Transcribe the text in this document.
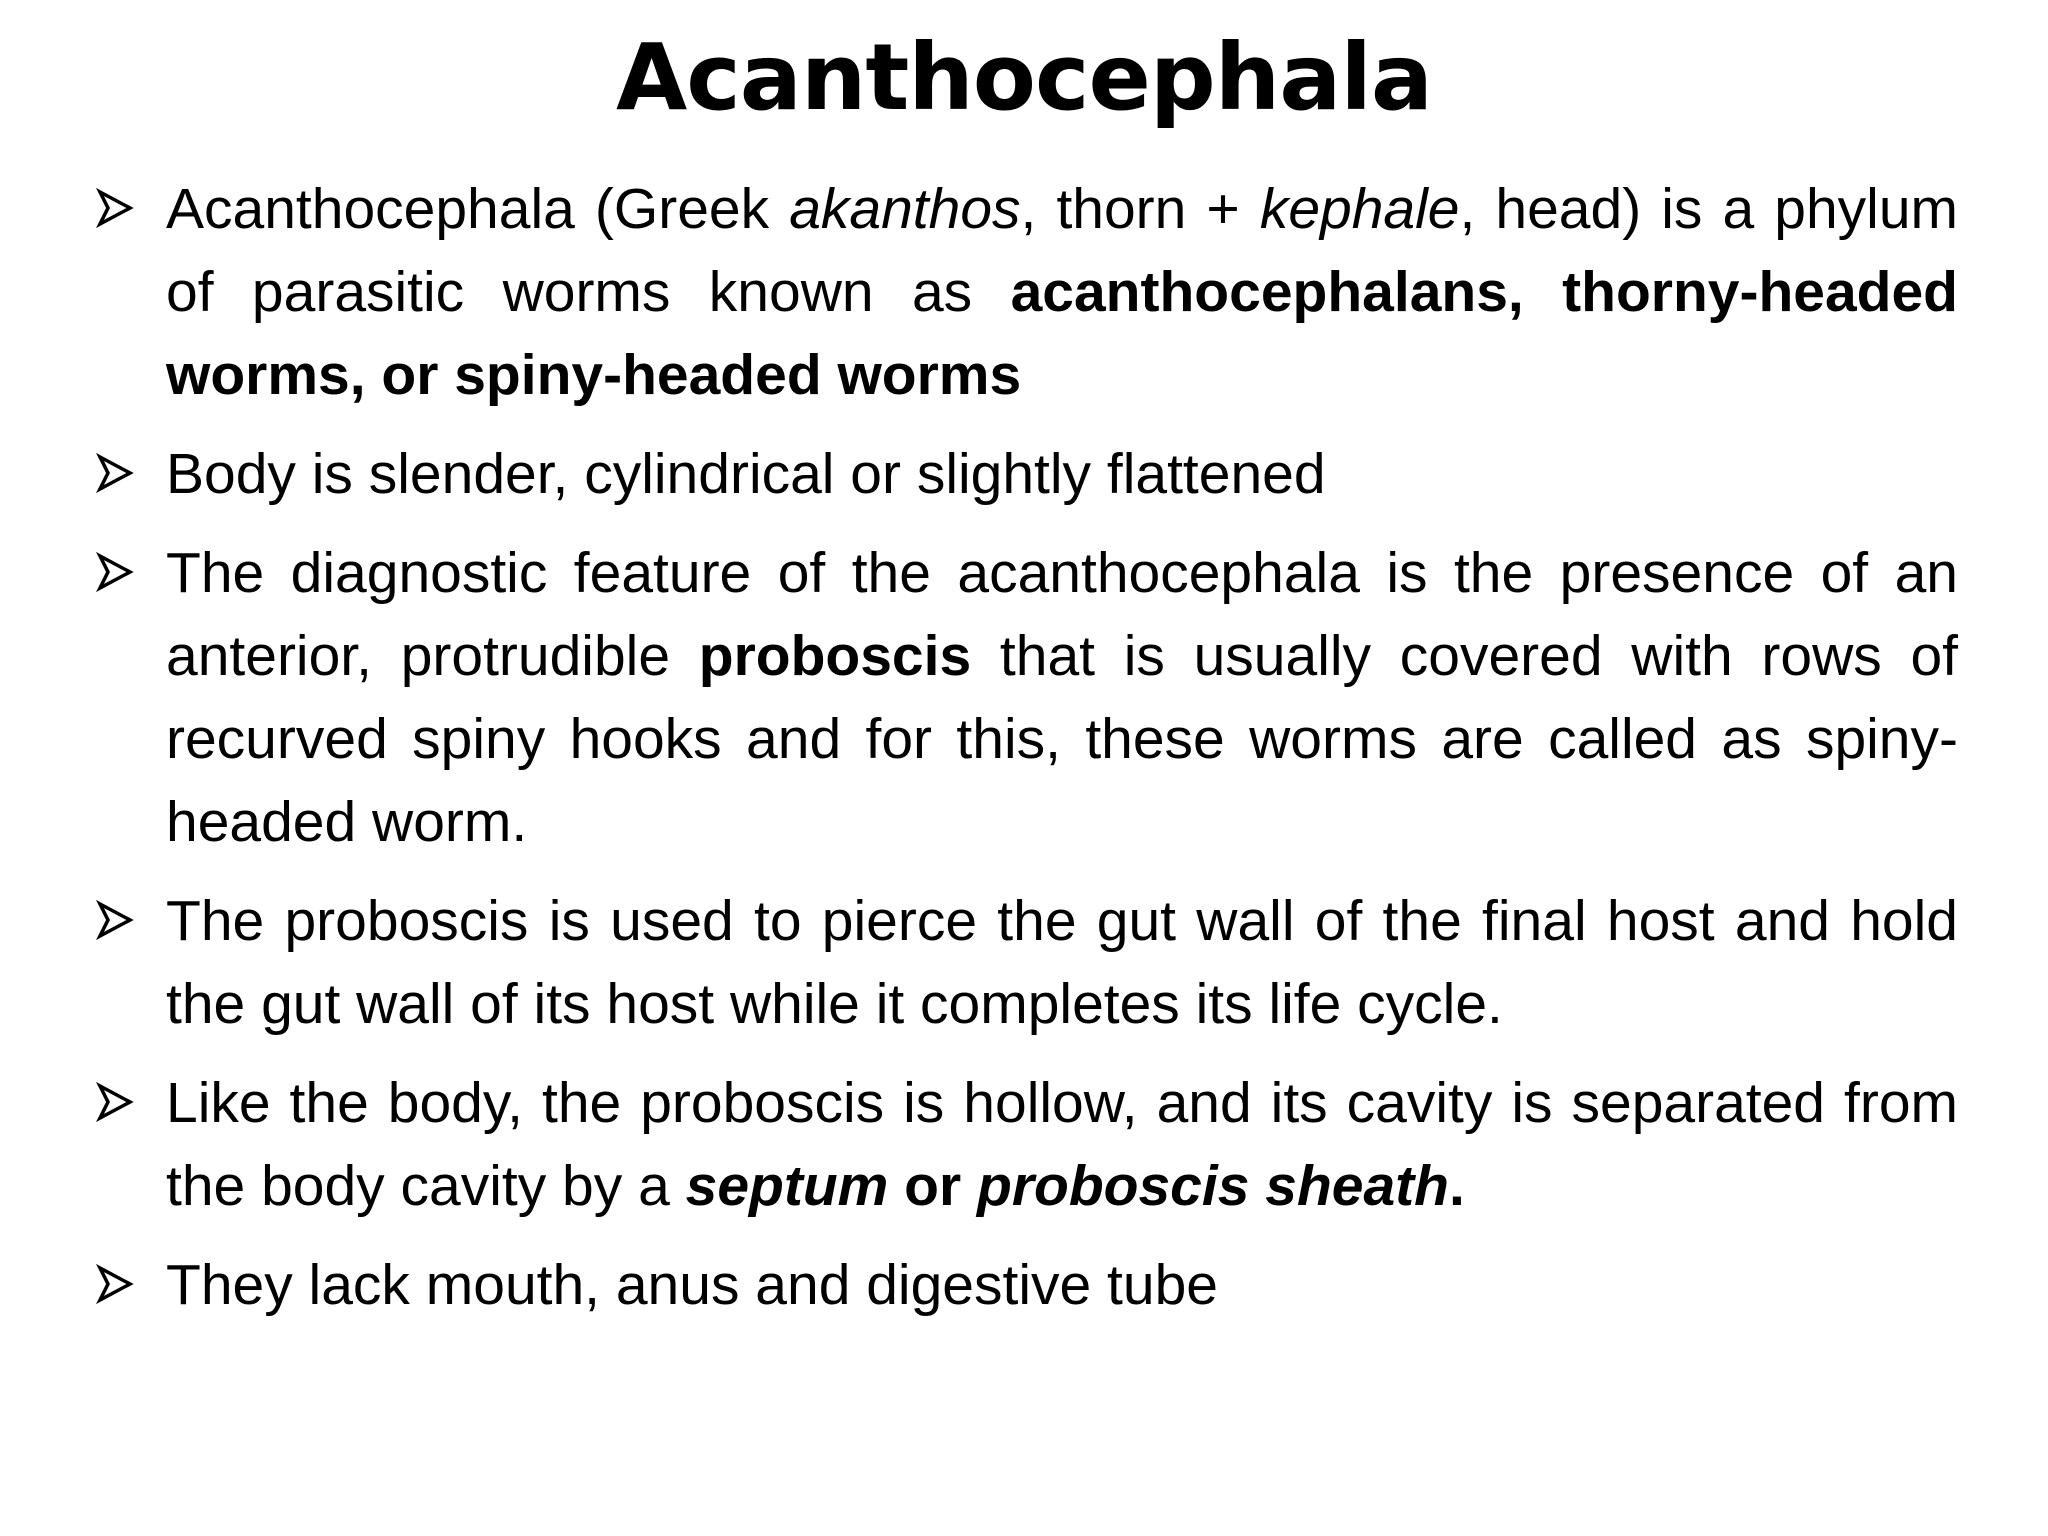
Acanthocephala
Acanthocephala (Greek akanthos, thorn + kephale, head) is a phylum of parasitic worms known as acanthocephalans, thorny-headed worms, or spiny-headed worms
Body is slender, cylindrical or slightly flattened
The diagnostic feature of the acanthocephala is the presence of an anterior, protrudible proboscis that is usually covered with rows of recurved spiny hooks and for this, these worms are called as spiny-headed worm.
The proboscis is used to pierce the gut wall of the final host and hold the gut wall of its host while it completes its life cycle.
Like the body, the proboscis is hollow, and its cavity is separated from the body cavity by a septum or proboscis sheath.
They lack mouth, anus and digestive tube
